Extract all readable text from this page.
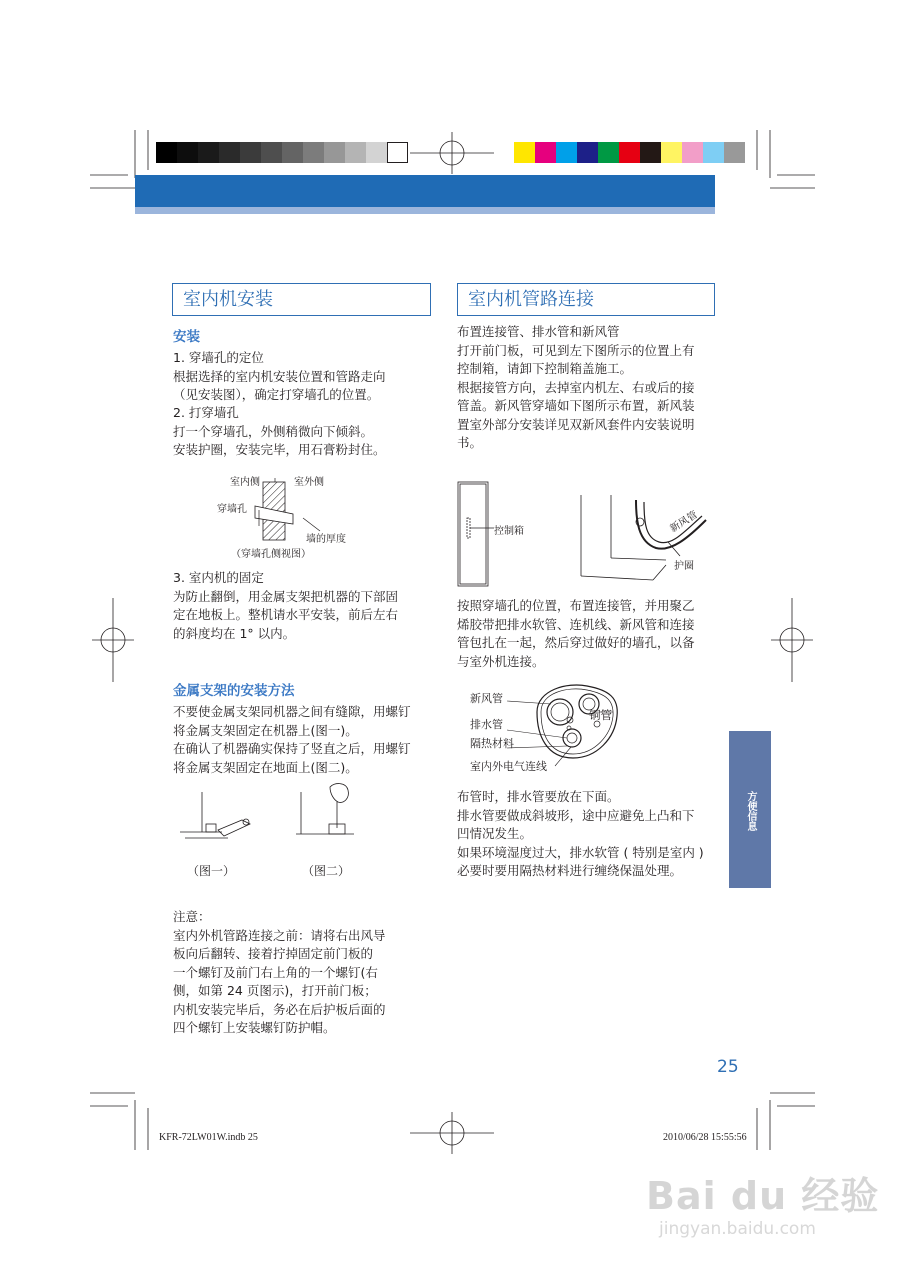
室内机安装
安装
1. 穿墙孔的定位
根据选择的室内机安装位置和管路走向
（见安装图），确定打穿墙孔的位置。
2. 打穿墙孔
打一个穿墙孔，外侧稍微向下倾斜。
安装护圈，安装完毕，用石膏粉封住。
室内侧	室外侧
穿墙孔
墙的厚度
（穿墙孔侧视图）
3. 室内机的固定
为防止翻倒，用金属支架把机器的下部固
定在地板上。整机请水平安装，前后左右
的斜度均在 1° 以内。
金属支架的安装方法
不要使金属支架同机器之间有缝隙，用螺钉
将金属支架固定在机器上(图一)。
在确认了机器确实保持了竖直之后，用螺钉
将金属支架固定在地面上(图二)。
（图一）	（图二）
注意：
室内外机管路连接之前：请将右出风导
板向后翻转、接着拧掉固定前门板的
一个螺钉及前门右上角的一个螺钉(右
侧，如第 24 页图示)，打开前门板；
内机安装完毕后，务必在后护板后面的
四个螺钉上安装螺钉防护帽。
室内机管路连接
布置连接管、排水管和新风管
打开前门板，可见到左下图所示的位置上有
控制箱，请卸下控制箱盖施工。
根据接管方向，去掉室内机左、右或后的接
管盖。新风管穿墙如下图所示布置，新风装
置室外部分安装详见双新风套件内安装说明
书。
控制箱	新风管
护圈
按照穿墙孔的位置，布置连接管，并用聚乙
烯胶带把排水软管、连机线、新风管和连接
管包扎在一起，然后穿过做好的墙孔，以备
与室外机连接。
新风管
排水管
隔热材料
室内外电气连线
铜管
布管时，排水管要放在下面。
排水管要做成斜坡形，途中应避免上凸和下
凹情况发生。
如果环境湿度过大，排水软管 ( 特别是室内 )
必要时要用隔热材料进行缠绕保温处理。
方便信息
25
KFR-72LW01W.indb 25	2010/06/28 15:55:56
Bai du 经验
jingyan.baidu.com
